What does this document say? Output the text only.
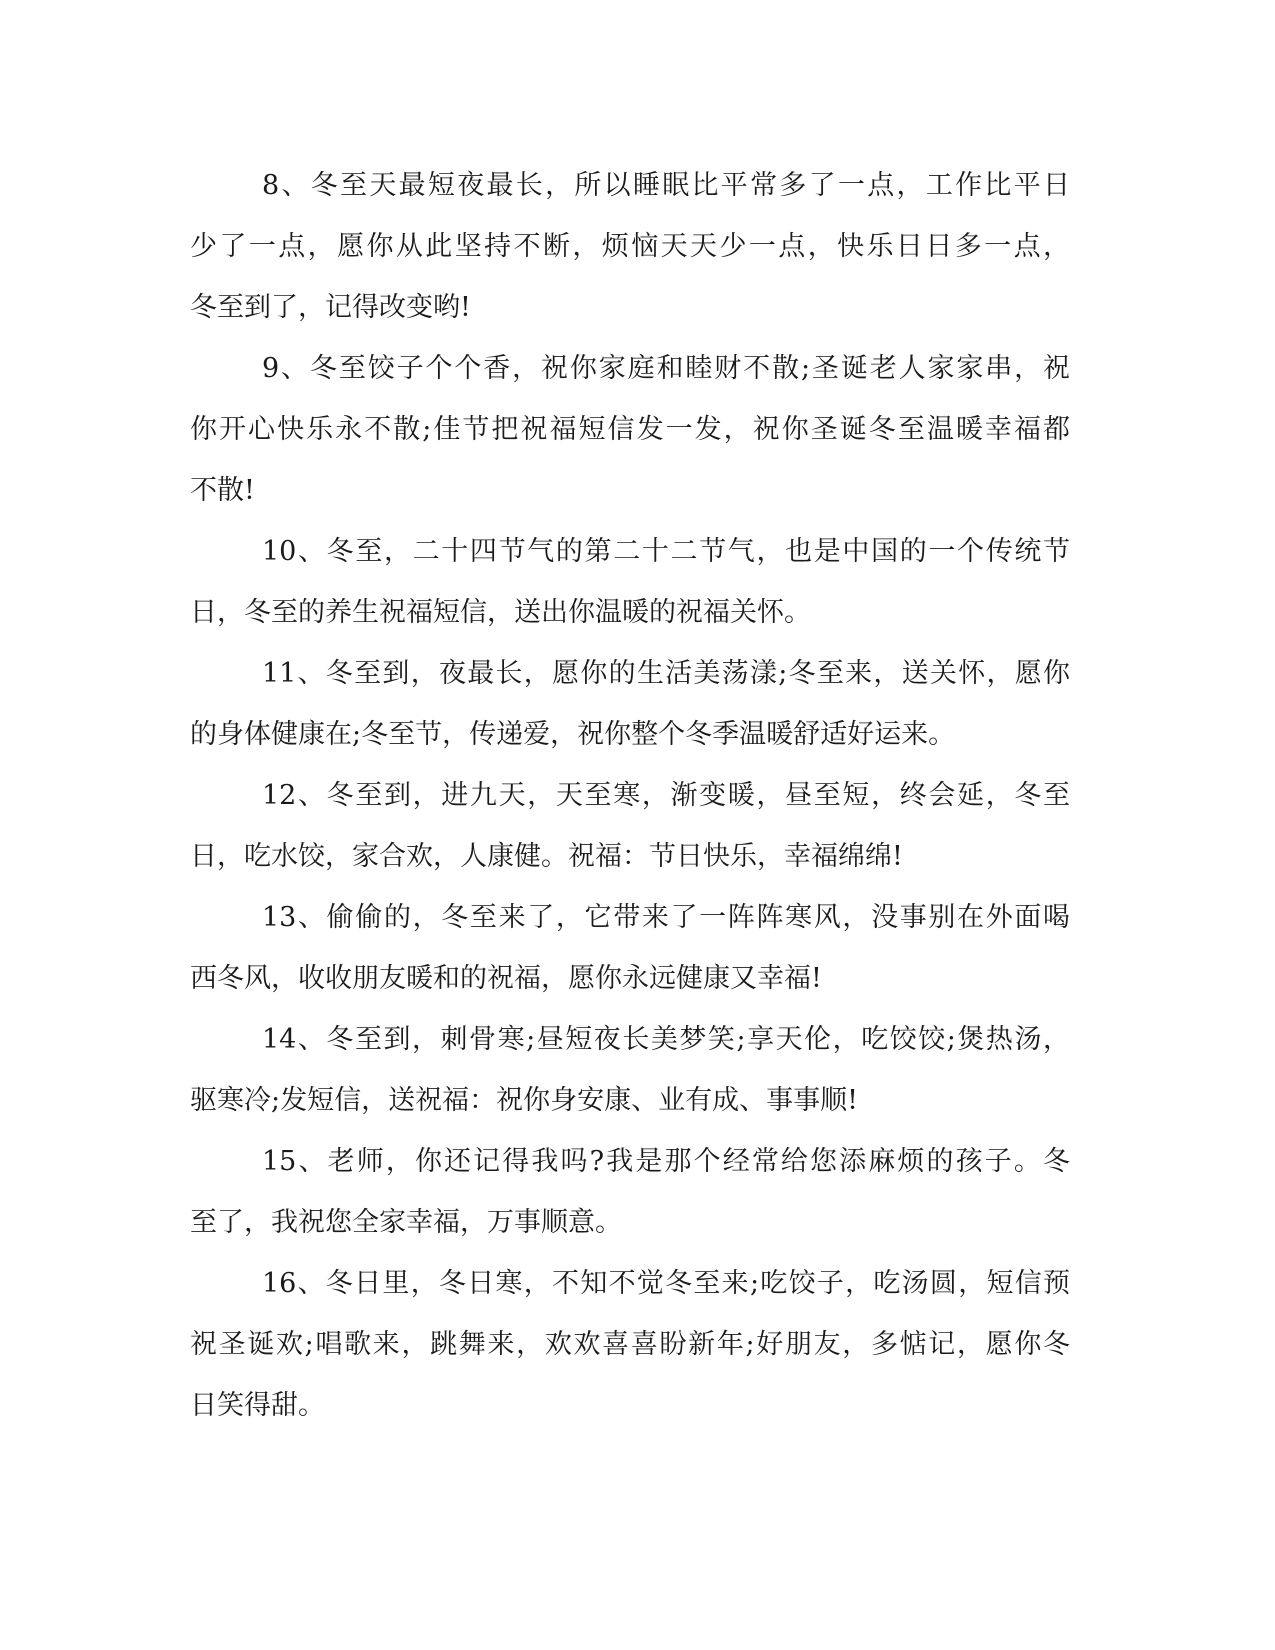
8、冬至天最短夜最长，所以睡眠比平常多了一点，工作比平日
少了一点，愿你从此坚持不断，烦恼天天少一点，快乐日日多一点，
冬至到了，记得改变哟!
9、冬至饺子个个香，祝你家庭和睦财不散;圣诞老人家家串，祝
你开心快乐永不散;佳节把祝福短信发一发，祝你圣诞冬至温暖幸福都
不散!
10、冬至，二十四节气的第二十二节气，也是中国的一个传统节
日，冬至的养生祝福短信，送出你温暖的祝福关怀。
11、冬至到，夜最长，愿你的生活美荡漾;冬至来，送关怀，愿你
的身体健康在;冬至节，传递爱，祝你整个冬季温暖舒适好运来。
12、冬至到，进九天，天至寒，渐变暖，昼至短，终会延，冬至
日，吃水饺，家合欢，人康健。祝福：节日快乐，幸福绵绵!
13、偷偷的，冬至来了，它带来了一阵阵寒风，没事别在外面喝
西冬风，收收朋友暖和的祝福，愿你永远健康又幸福!
14、冬至到，刺骨寒;昼短夜长美梦笑;享天伦，吃饺饺;煲热汤，
驱寒冷;发短信，送祝福：祝你身安康、业有成、事事顺!
15、老师，你还记得我吗?我是那个经常给您添麻烦的孩子。冬
至了，我祝您全家幸福，万事顺意。
16、冬日里，冬日寒，不知不觉冬至来;吃饺子，吃汤圆，短信预
祝圣诞欢;唱歌来，跳舞来，欢欢喜喜盼新年;好朋友，多惦记，愿你冬
日笑得甜。
